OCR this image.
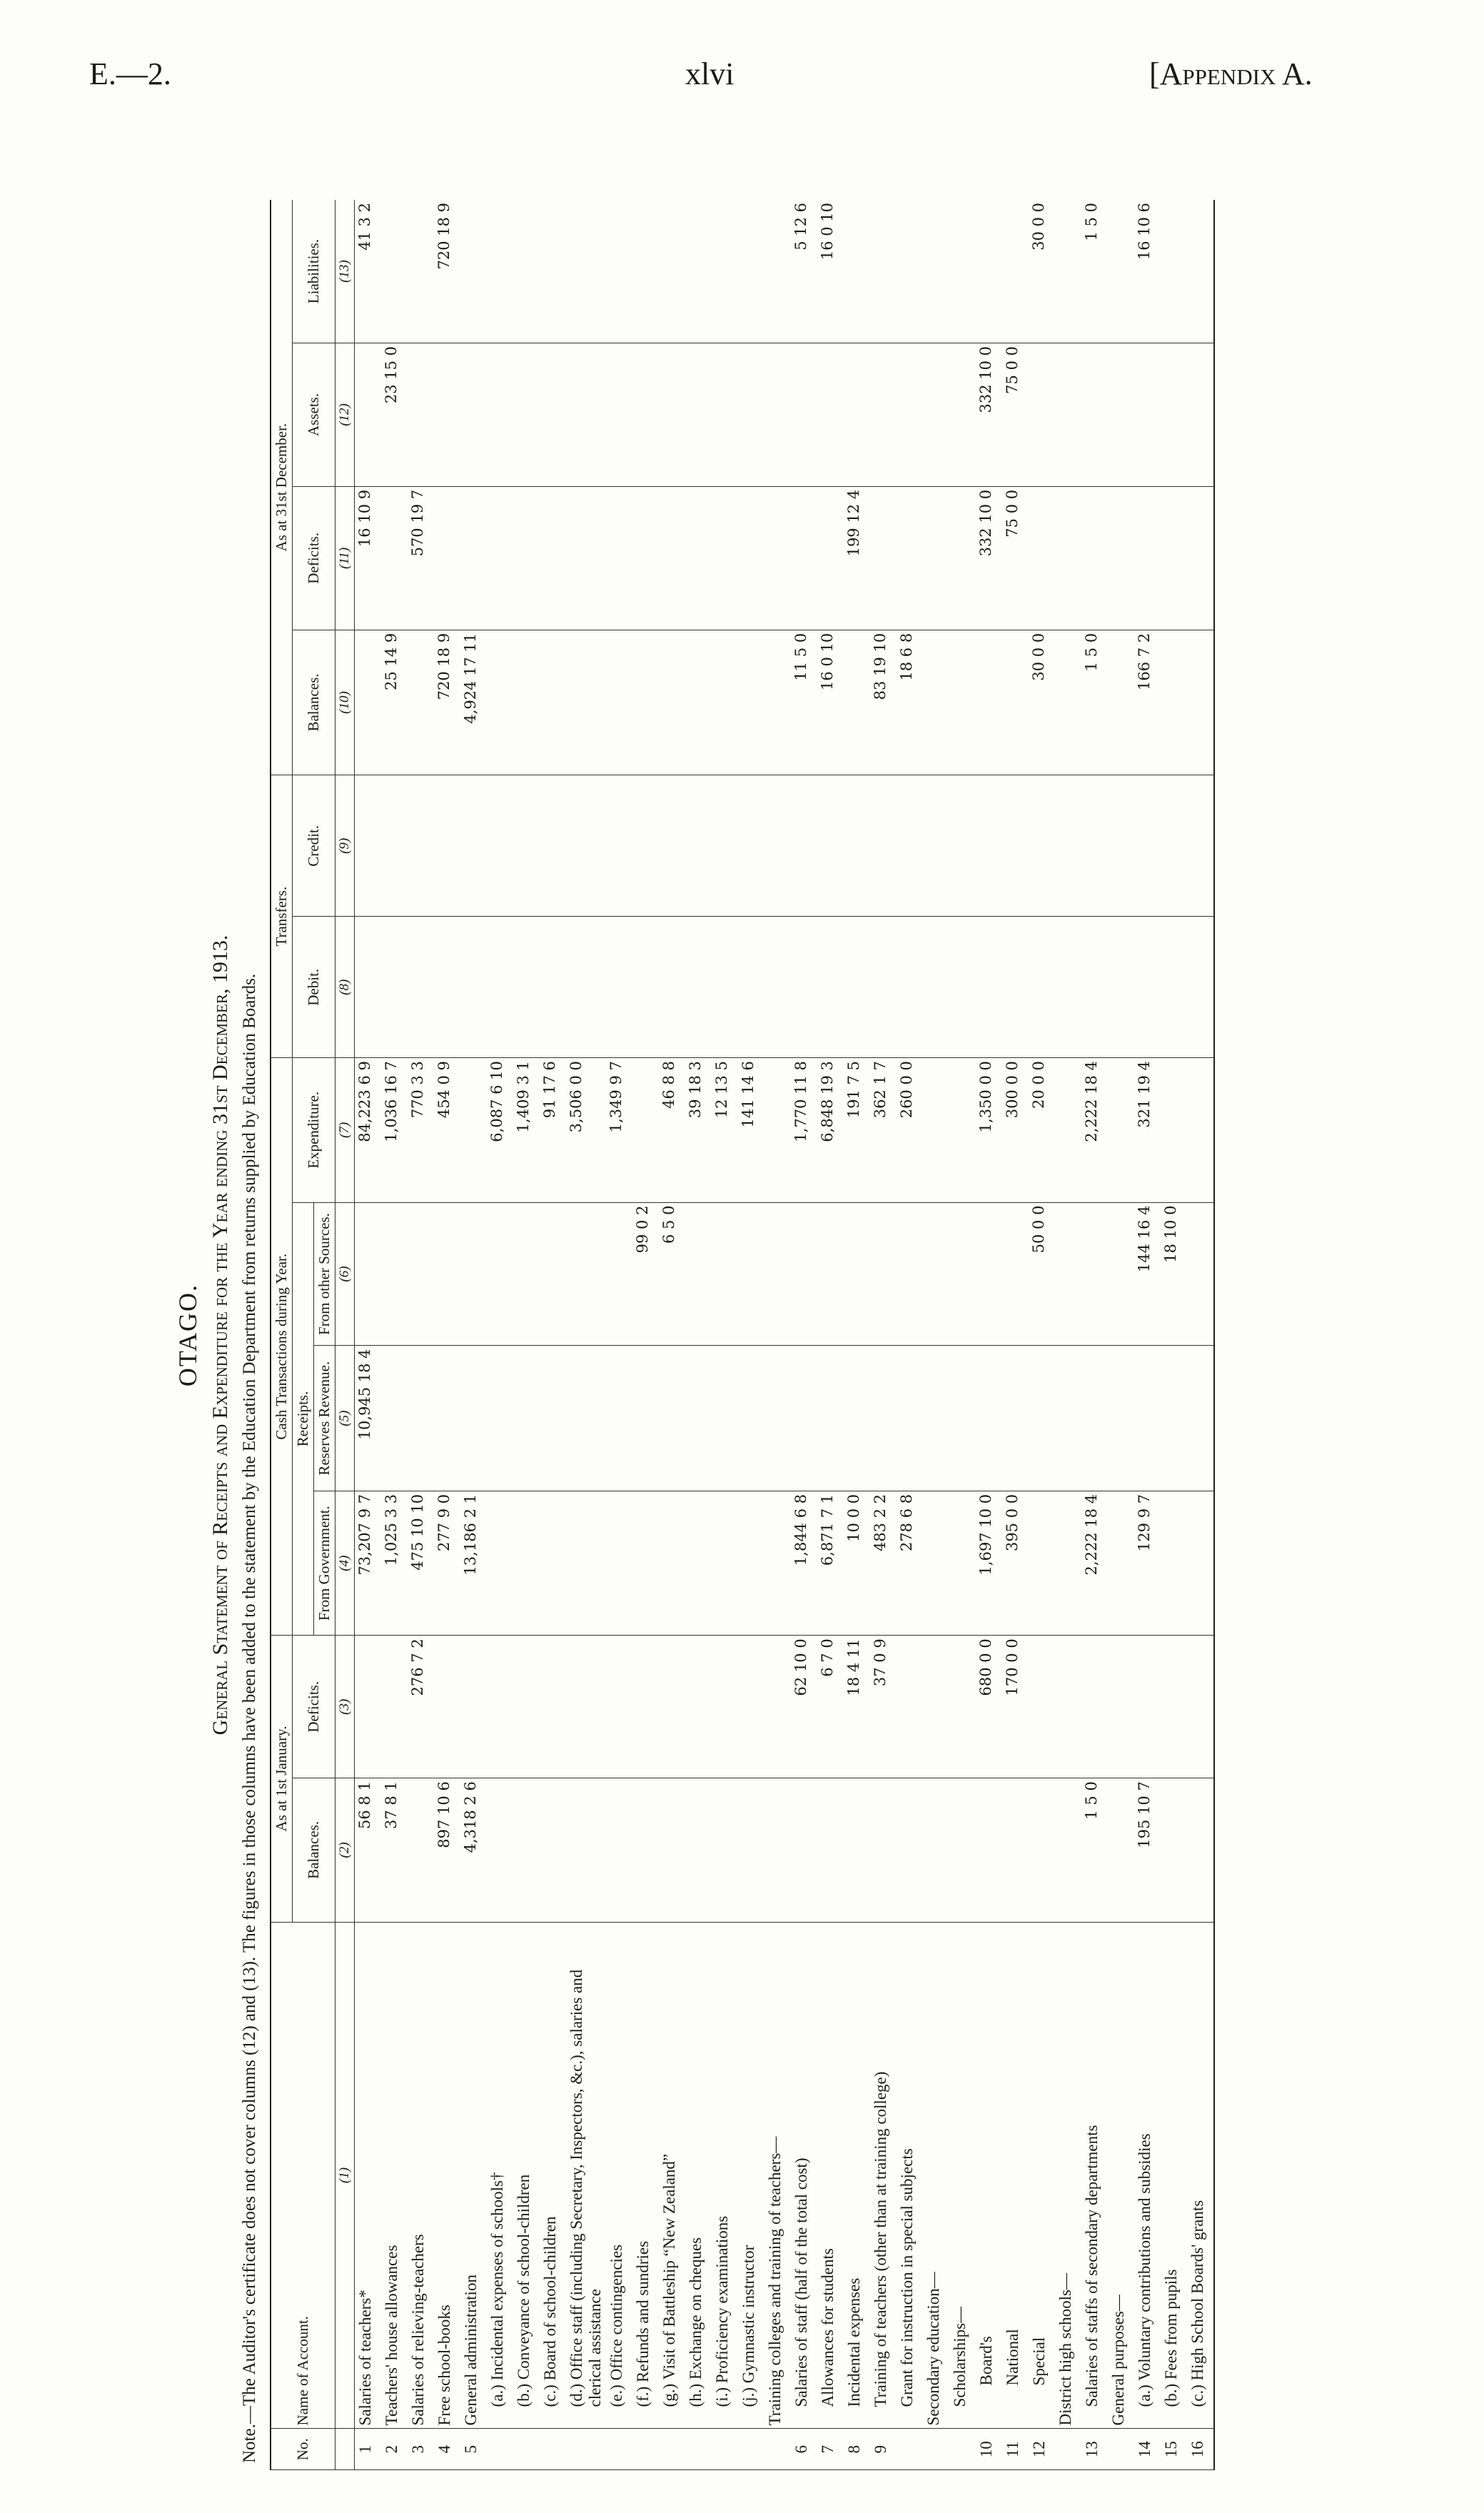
E.—2.	xlvi	[Appendix A.
OTAGO. General Statement of Receipts and Expenditure for the Year ending 31st December, 1913. Note.—The Auditor's certificate does not cover columns (12) and (13). The figures in those columns have been added to the statement by the Education Department from returns supplied by Education Boards. No.	Name of Account.	As at 1st January.		Cash Transactions during Year.				Transfers.		As at 31st December.			
		Balances.	Deficits.	Receipts.			Expenditure.	Debit.	Credit.	Balances.	Deficits.	Assets.	Liabilities.
				From Government.	Reserves Revenue.	From other Sources.							
	(1)	(2)	(3)	(4)	(5)	(6)	(7)	(8)	(9)	(10)	(11)	(12)	(13)
1	Salaries of teachers*	56 8 1		73,207 9 7	10,945 18 4		84,223 6 9				16 10 9		41 3 2
2	Teachers' house allowances	37 8 1		1,025 3 3			1,036 16 7			25 14 9		23 15 0	
3	Salaries of relieving-teachers		276 7 2	475 10 10			770 3 3				570 19 7		
4	Free school-books	897 10 6		277 9 0			454 0 9			720 18 9			720 18 9
5	General administration	4,318 2 6		13,186 2 1						4,924 17 11			
	(a.) Incidental expenses of schools†						6,087 6 10						
	(b.) Conveyance of school-children						1,409 3 1						
	(c.) Board of school-children						91 17 6						
	(d.) Office staff (including Secretary, Inspectors, &c.), salaries and clerical assistance						3,506 0 0						
	(e.) Office contingencies						1,349 9 7						
	(f.) Refunds and sundries					99 0 2							
	(g.) Visit of Battleship “New Zealand”					6 5 0	46 8 8						
	(h.) Exchange on cheques						39 18 3						
	(i.) Proficiency examinations						12 13 5						
	(j.) Gymnastic instructor						141 14 6						
	Training colleges and training of teachers—												
6	Salaries of staff (half of the total cost)		62 10 0	1,844 6 8			1,770 11 8			11 5 0			5 12 6
7	Allowances for students		6 7 0	6,871 7 1			6,848 19 3			16 0 10			16 0 10
8	Incidental expenses		18 4 11	10 0 0			191 7 5				199 12 4		
9	Training of teachers (other than at training college)		37 0 9	483 2 2			362 1 7			83 19 10			
	Grant for instruction in special subjects			278 6 8			260 0 0			18 6 8			
	Secondary education—												
	Scholarships—												
10	Board's		680 0 0	1,697 10 0			1,350 0 0				332 10 0	332 10 0	
11	National		170 0 0	395 0 0			300 0 0				75 0 0	75 0 0	
12	Special					50 0 0	20 0 0			30 0 0			30 0 0
	District high schools—												
13	Salaries of staffs of secondary departments	1 5 0		2,222 18 4			2,222 18 4			1 5 0			1 5 0
	General purposes—												
14	(a.) Voluntary contributions and subsidies	195 10 7		129 9 7		144 16 4	321 19 4			166 7 2			16 10 6
15	(b.) Fees from pupils					18 10 0							
16	(c.) High School Boards' grants												
